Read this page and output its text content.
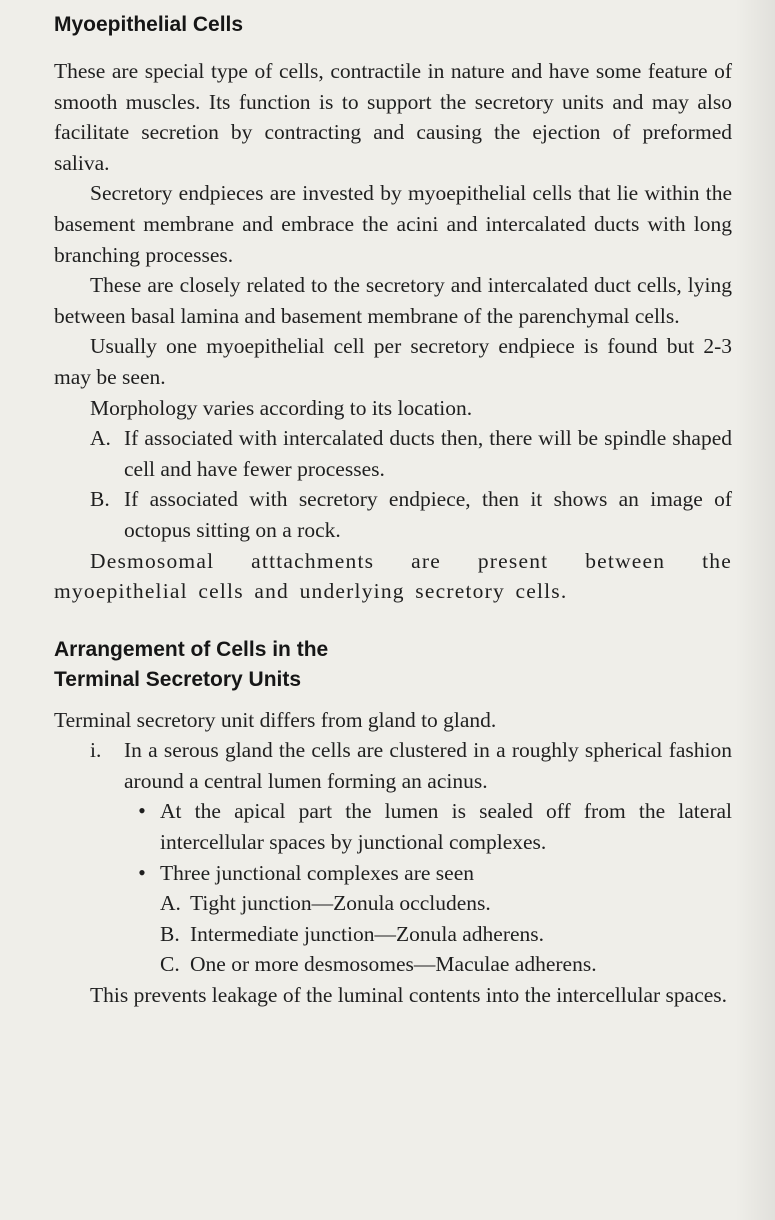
Myoepithelial Cells

These are special type of cells, contractile in nature and have some feature of smooth muscles. Its function is to support the secretory units and may also facilitate secretion by contracting and causing the ejection of preformed saliva.

Secretory endpieces are invested by myoepithelial cells that lie within the basement membrane and embrace the acini and intercalated ducts with long branching processes.

These are closely related to the secretory and intercalated duct cells, lying between basal lamina and basement membrane of the parenchymal cells.

Usually one myoepithelial cell per secretory endpiece is found but 2-3 may be seen.

Morphology varies according to its location.

A. If associated with intercalated ducts then, there will be spindle shaped cell and have fewer processes.
B. If associated with secretory endpiece, then it shows an image of octopus sitting on a rock.

Desmosomal atttachments are present between the myoepithelial cells and underlying secretory cells.

Arrangement of Cells in the
Terminal Secretory Units

Terminal secretory unit differs from gland to gland.

i.	In a serous gland the cells are clustered in a roughly spherical fashion around a central lumen forming an acinus.

• At the apical part the lumen is sealed off from the lateral intercellular spaces by junctional complexes.
• Three junctional complexes are seen
A. Tight junction—Zonula occludens.
B. Intermediate junction—Zonula adherens.
C. One or more desmosomes—Maculae adherens.

This prevents leakage of the luminal contents into the intercellular spaces.
